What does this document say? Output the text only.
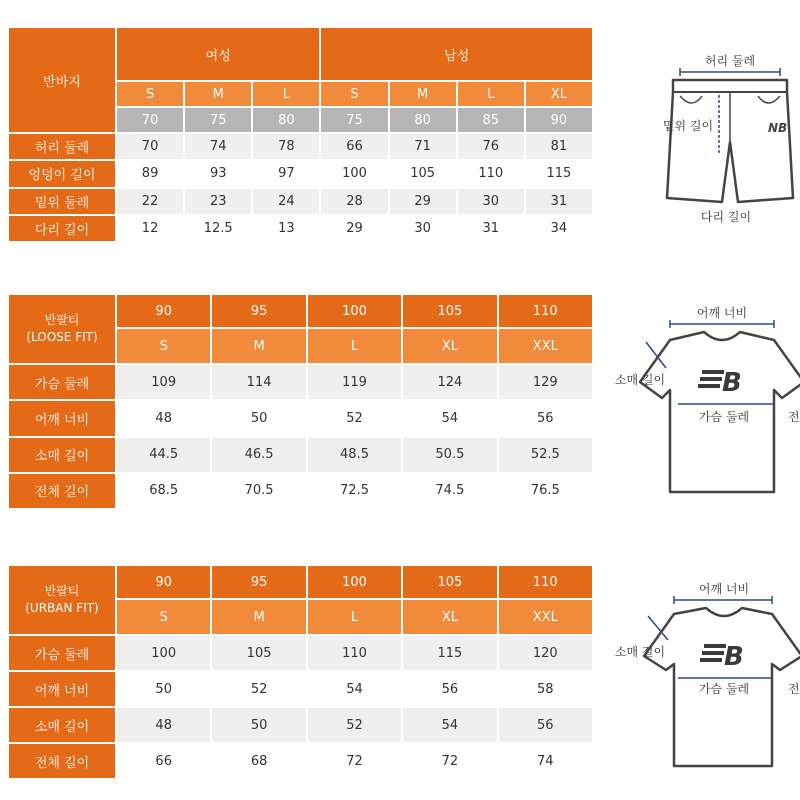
반바지
여성	남성
S	M	L	S	M	L	XL
70	75	80	75	80	85	90
허리 둘레	70	74	78	66	71	76	81
엉덩이 길이	89	93	97	100	105	110	115
밑위 둘레	22	23	24	28	29	30	31
다리 길이	12	12.5	13	29	30	31	34
허리 둘레
NB
밑위 길이
다리 길이
반팔티
(LOOSE FIT)
90	95	100	105	110
S	M	L	XL	XXL
가슴 둘레	109	114	119	124	129
어깨 너비	48	50	52	54	56
소매 길이	44.5	46.5	48.5	50.5	52.5
전체 길이	68.5	70.5	72.5	74.5	76.5
어깨 너비
B
소매 길이
가슴 둘레	전
반팔티
(URBAN FIT)
90	95	100	105	110
S	M	L	XL	XXL
가슴 둘레	100	105	110	115	120
어깨 너비	50	52	54	56	58
소매 길이	48	50	52	54	56
전체 길이	66	68	72	72	74
어깨 너비
B
소매 길이
가슴 둘레	전
